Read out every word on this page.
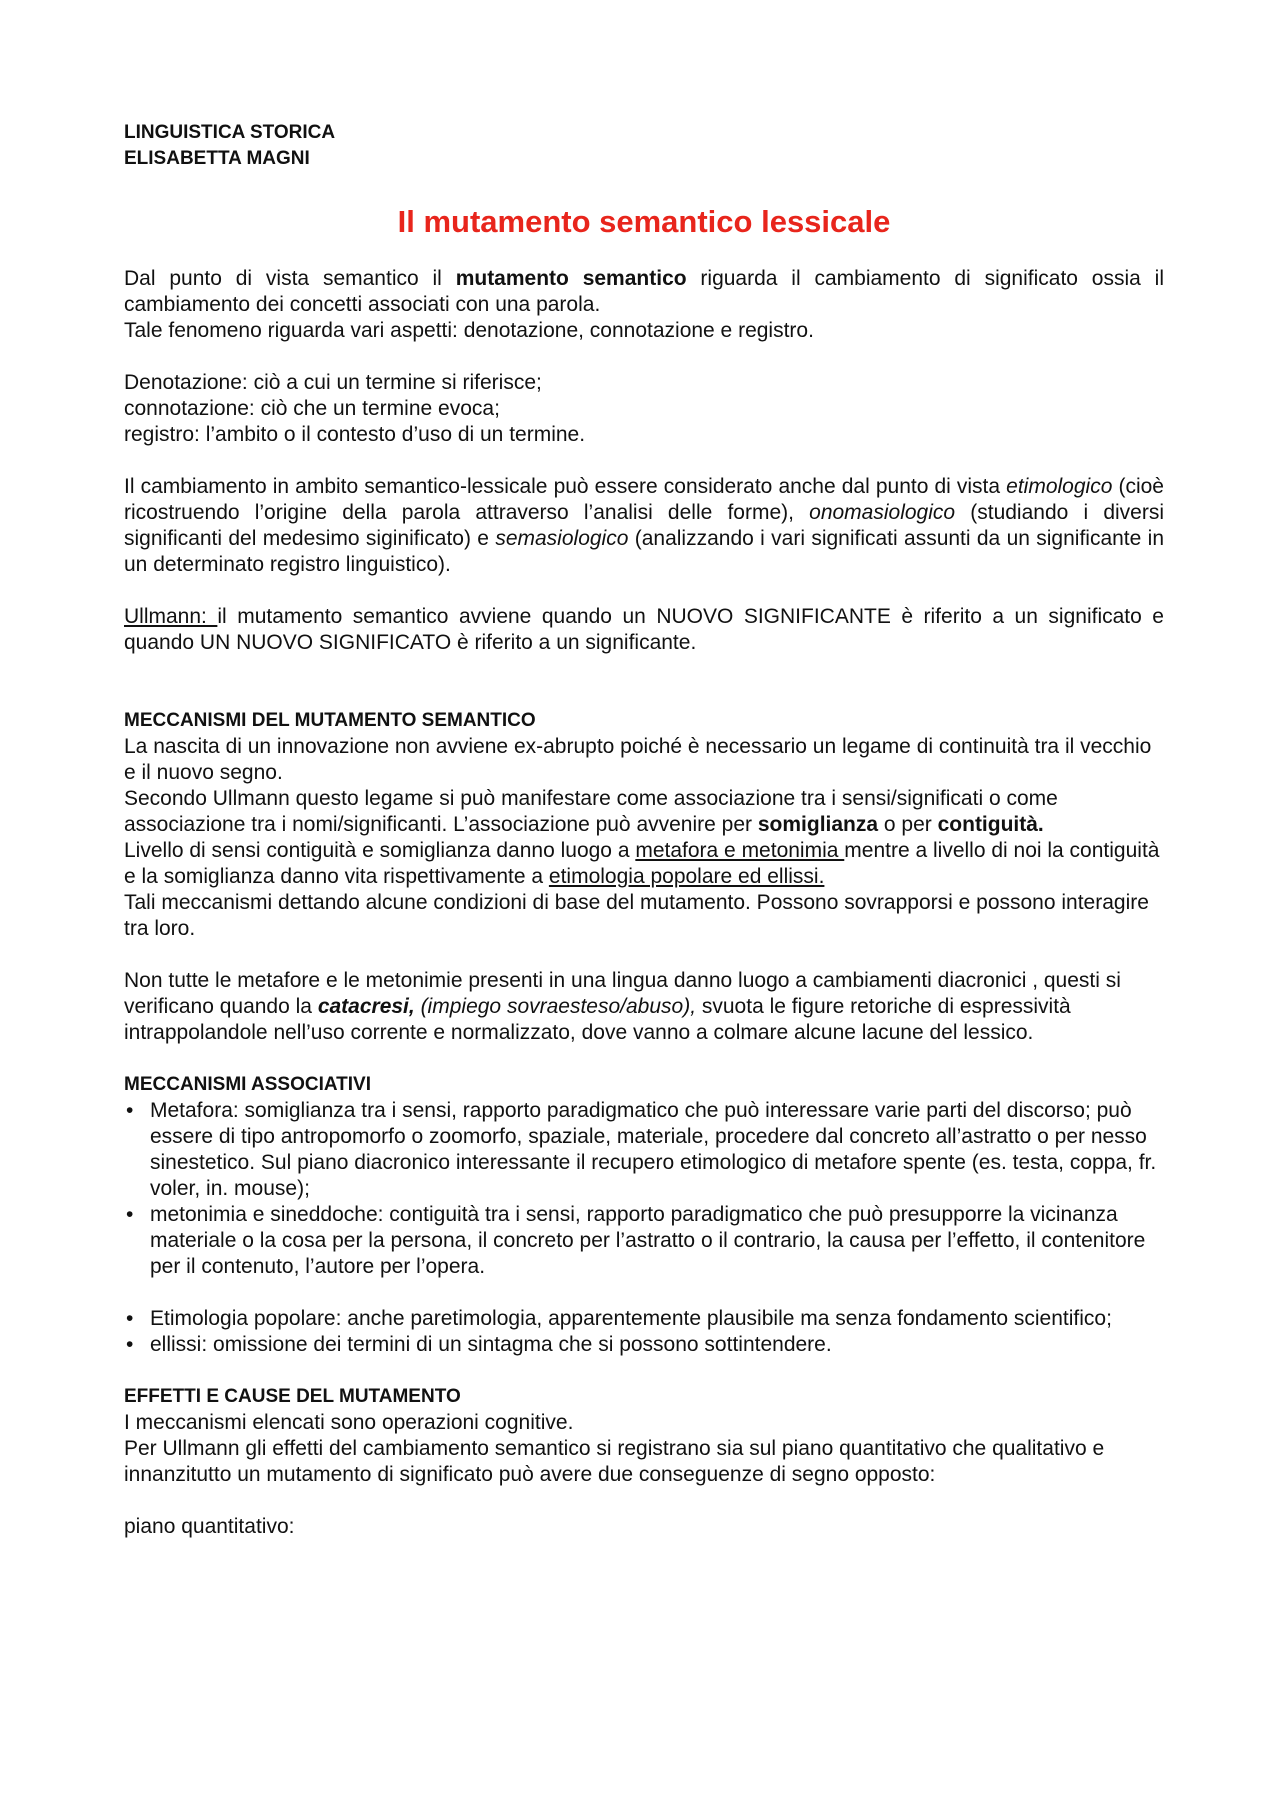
LINGUISTICA STORICA
ELISABETTA MAGNI
Il mutamento semantico lessicale

Dal punto di vista semantico il mutamento semantico riguarda il cambiamento di significato ossia il cambiamento dei concetti associati con una parola.

Tale fenomeno riguarda vari aspetti: denotazione, connotazione e registro.

Denotazione: ciò a cui un termine si riferisce;

connotazione: ciò che un termine evoca;

registro: l’ambito o il contesto d’uso di un termine.

Il cambiamento in ambito semantico-lessicale può essere considerato anche dal punto di vista etimologico (cioè ricostruendo l’origine della parola attraverso l’analisi delle forme), onomasiologico (studiando i diversi significanti del medesimo siginificato) e semasiologico (analizzando i vari significati assunti da un significante in un determinato registro linguistico).

Ullmann: il mutamento semantico avviene quando un NUOVO SIGNIFICANTE è riferito a un significato e quando UN NUOVO SIGNIFICATO è riferito a un significante.

MECCANISMI DEL MUTAMENTO SEMANTICO

La nascita di un innovazione non avviene ex-abrupto poiché è necessario un legame di continuità tra il vecchio e il nuovo segno.

Secondo Ullmann questo legame si può manifestare come associazione tra i sensi/significati o come associazione tra i nomi/significanti. L’associazione può avvenire per somiglianza o per contiguità.

Livello di sensi contiguità e somiglianza danno luogo a metafora e metonimia mentre a livello di noi la contiguità e la somiglianza danno vita rispettivamente a etimologia popolare ed ellissi.

Tali meccanismi dettando alcune condizioni di base del mutamento. Possono sovrapporsi e possono interagire tra loro.

Non tutte le metafore e le metonimie presenti in una lingua danno luogo a cambiamenti diacronici , questi si verificano quando la catacresi, (impiego sovraesteso/abuso), svuota le figure retoriche di espressività intrappolandole nell’uso corrente e normalizzato, dove vanno a colmare alcune lacune del lessico.

MECCANISMI ASSOCIATIVI
• Metafora: somiglianza tra i sensi, rapporto paradigmatico che può interessare varie parti del discorso; può essere di tipo antropomorfo o zoomorfo, spaziale, materiale, procedere dal concreto all’astratto o per nesso sinestetico. Sul piano diacronico interessante il recupero etimologico di metafore spente (es. testa, coppa, fr. voler, in. mouse);
• metonimia e sineddoche: contiguità tra i sensi, rapporto paradigmatico che può presupporre la vicinanza materiale o la cosa per la persona, il concreto per l’astratto o il contrario, la causa per l’effetto, il contenitore per il contenuto, l’autore per l’opera.
• Etimologia popolare: anche paretimologia, apparentemente plausibile ma senza fondamento scientifico;
• ellissi: omissione dei termini di un sintagma che si possono sottintendere.
EFFETTI E CAUSE DEL MUTAMENTO

I meccanismi elencati sono operazioni cognitive.

Per Ullmann gli effetti del cambiamento semantico si registrano sia sul piano quantitativo che qualitativo e innanzitutto un mutamento di significato può avere due conseguenze di segno opposto:

piano quantitativo:
